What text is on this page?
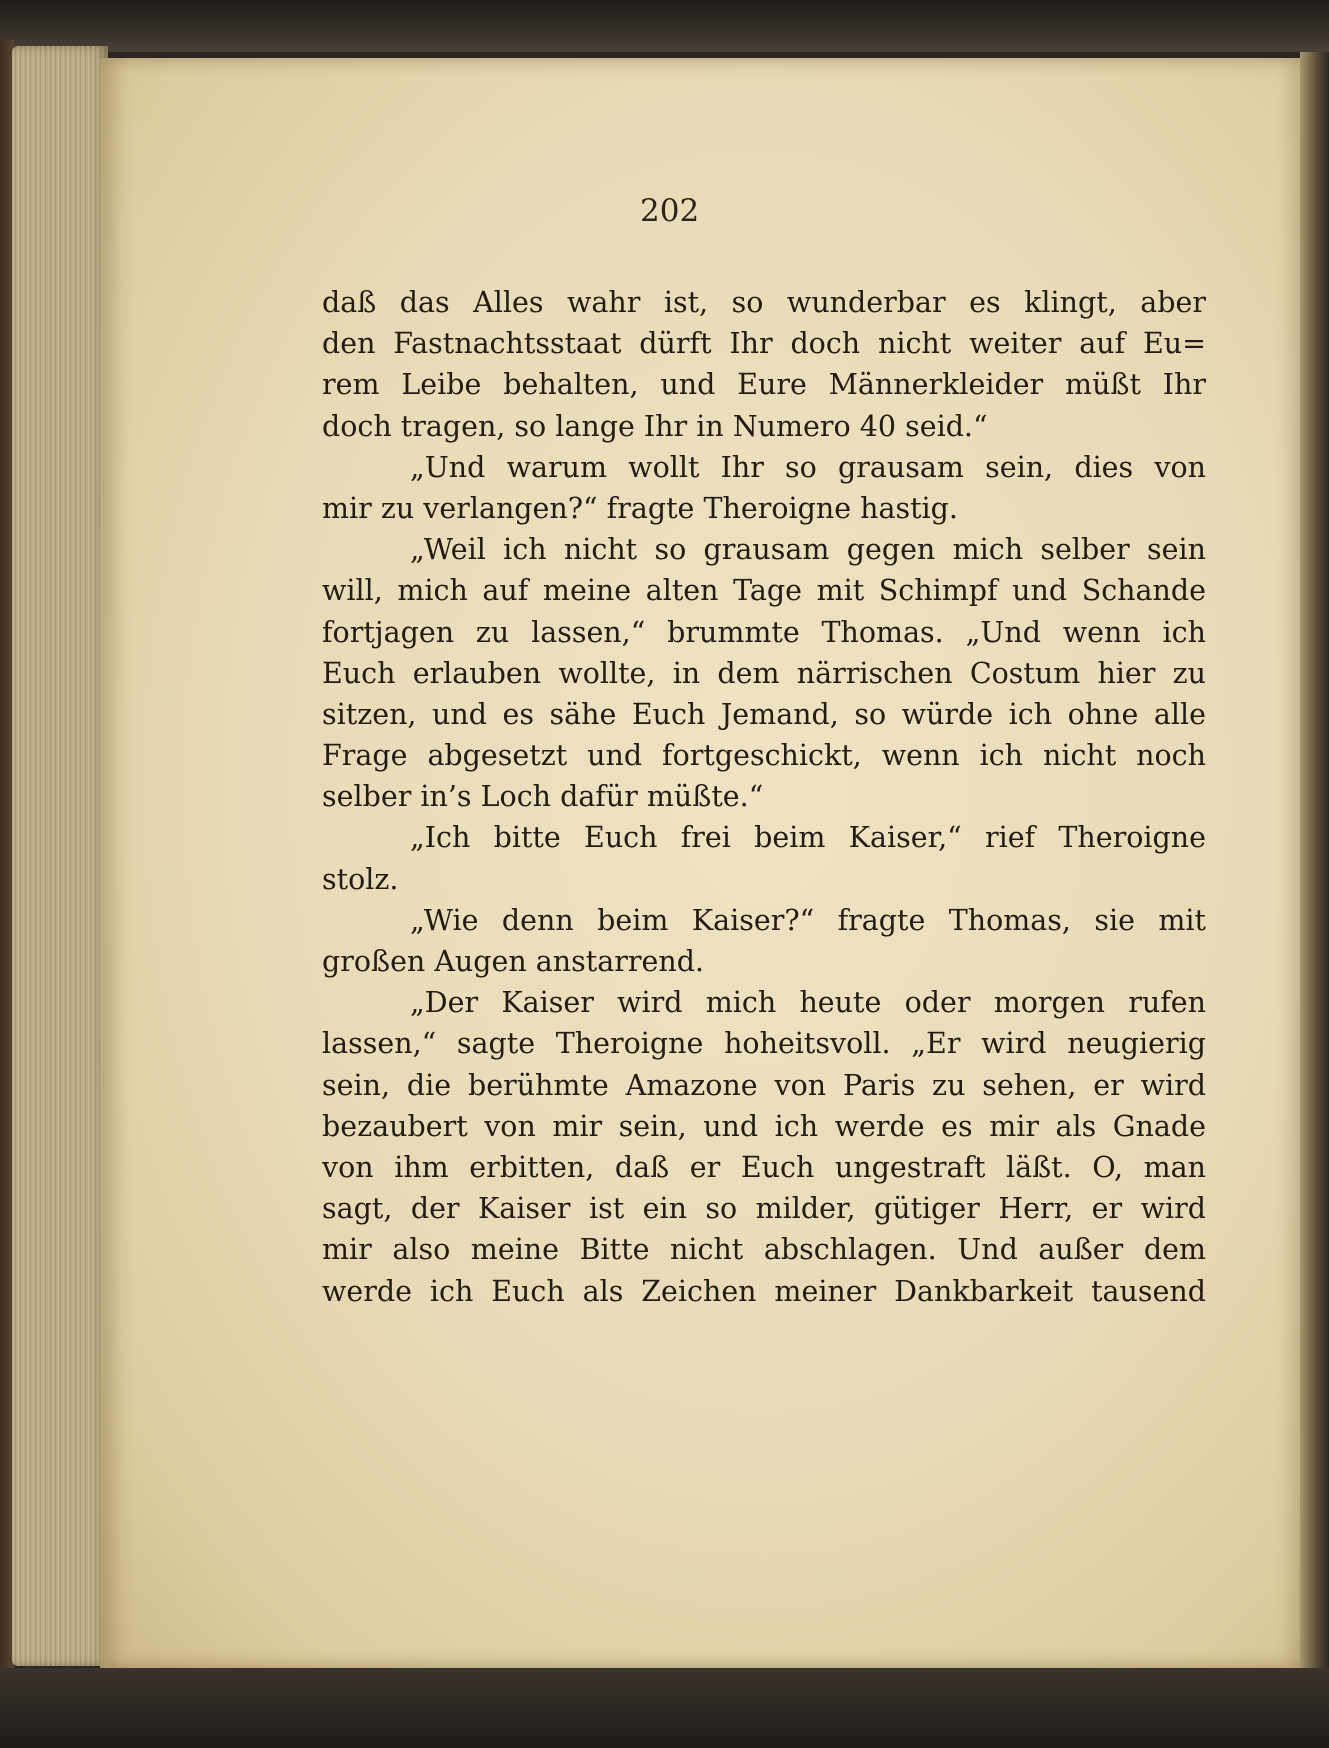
202
daß das Alles wahr ist, so wunderbar es klingt, aber
den Fastnachtsstaat dürft Ihr doch nicht weiter auf Eu=
rem Leibe behalten, und Eure Männerkleider müßt Ihr
doch tragen, so lange Ihr in Numero 40 seid.“
„Und warum wollt Ihr so grausam sein, dies von
mir zu verlangen?“ fragte Theroigne hastig.
„Weil ich nicht so grausam gegen mich selber sein
will, mich auf meine alten Tage mit Schimpf und Schande
fortjagen zu lassen,“ brummte Thomas. „Und wenn ich
Euch erlauben wollte, in dem närrischen Costum hier zu
sitzen, und es sähe Euch Jemand, so würde ich ohne alle
Frage abgesetzt und fortgeschickt, wenn ich nicht noch
selber in’s Loch dafür müßte.“
„Ich bitte Euch frei beim Kaiser,“ rief Theroigne
stolz.
„Wie denn beim Kaiser?“ fragte Thomas, sie mit
großen Augen anstarrend.
„Der Kaiser wird mich heute oder morgen rufen
lassen,“ sagte Theroigne hoheitsvoll. „Er wird neugierig
sein, die berühmte Amazone von Paris zu sehen, er wird
bezaubert von mir sein, und ich werde es mir als Gnade
von ihm erbitten, daß er Euch ungestraft läßt. O, man
sagt, der Kaiser ist ein so milder, gütiger Herr, er wird
mir also meine Bitte nicht abschlagen. Und außer dem
werde ich Euch als Zeichen meiner Dankbarkeit tausend
